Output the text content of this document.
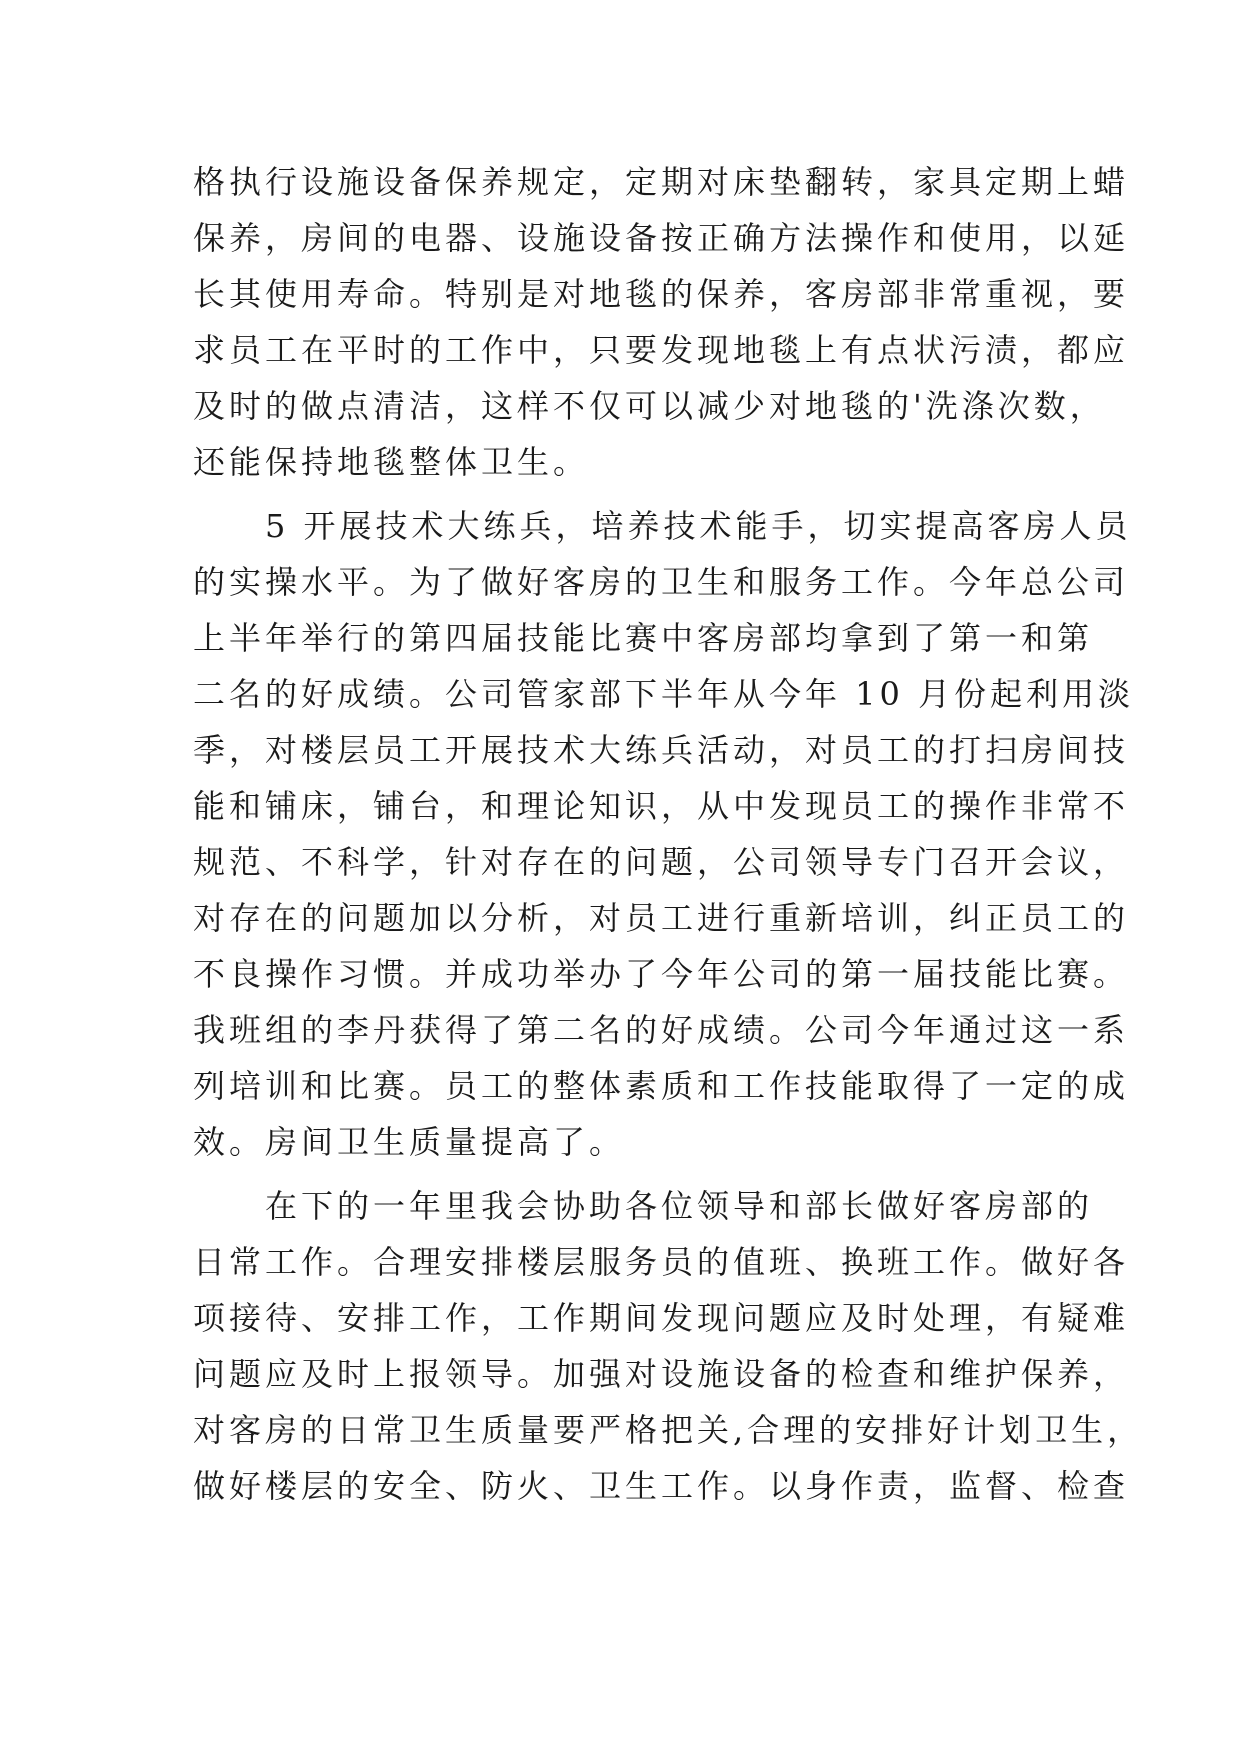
格执行设施设备保养规定，定期对床垫翻转，家具定期上蜡
保养，房间的电器、设施设备按正确方法操作和使用，以延
长其使用寿命。特别是对地毯的保养，客房部非常重视，要
求员工在平时的工作中，只要发现地毯上有点状污渍，都应
及时的做点清洁，这样不仅可以减少对地毯的'洗涤次数，
还能保持地毯整体卫生。
　　5 开展技术大练兵，培养技术能手，切实提高客房人员
的实操水平。为了做好客房的卫生和服务工作。今年总公司
上半年举行的第四届技能比赛中客房部均拿到了第一和第
二名的好成绩。公司管家部下半年从今年 10 月份起利用淡
季，对楼层员工开展技术大练兵活动，对员工的打扫房间技
能和铺床，铺台，和理论知识，从中发现员工的操作非常不
规范、不科学，针对存在的问题，公司领导专门召开会议，
对存在的问题加以分析，对员工进行重新培训，纠正员工的
不良操作习惯。并成功举办了今年公司的第一届技能比赛。
我班组的李丹获得了第二名的好成绩。公司今年通过这一系
列培训和比赛。员工的整体素质和工作技能取得了一定的成
效。房间卫生质量提高了。
　　在下的一年里我会协助各位领导和部长做好客房部的
日常工作。合理安排楼层服务员的值班、换班工作。做好各
项接待、安排工作，工作期间发现问题应及时处理，有疑难
问题应及时上报领导。加强对设施设备的检查和维护保养，
对客房的日常卫生质量要严格把关,合理的安排好计划卫生，
做好楼层的安全、防火、卫生工作。以身作责，监督、检查
